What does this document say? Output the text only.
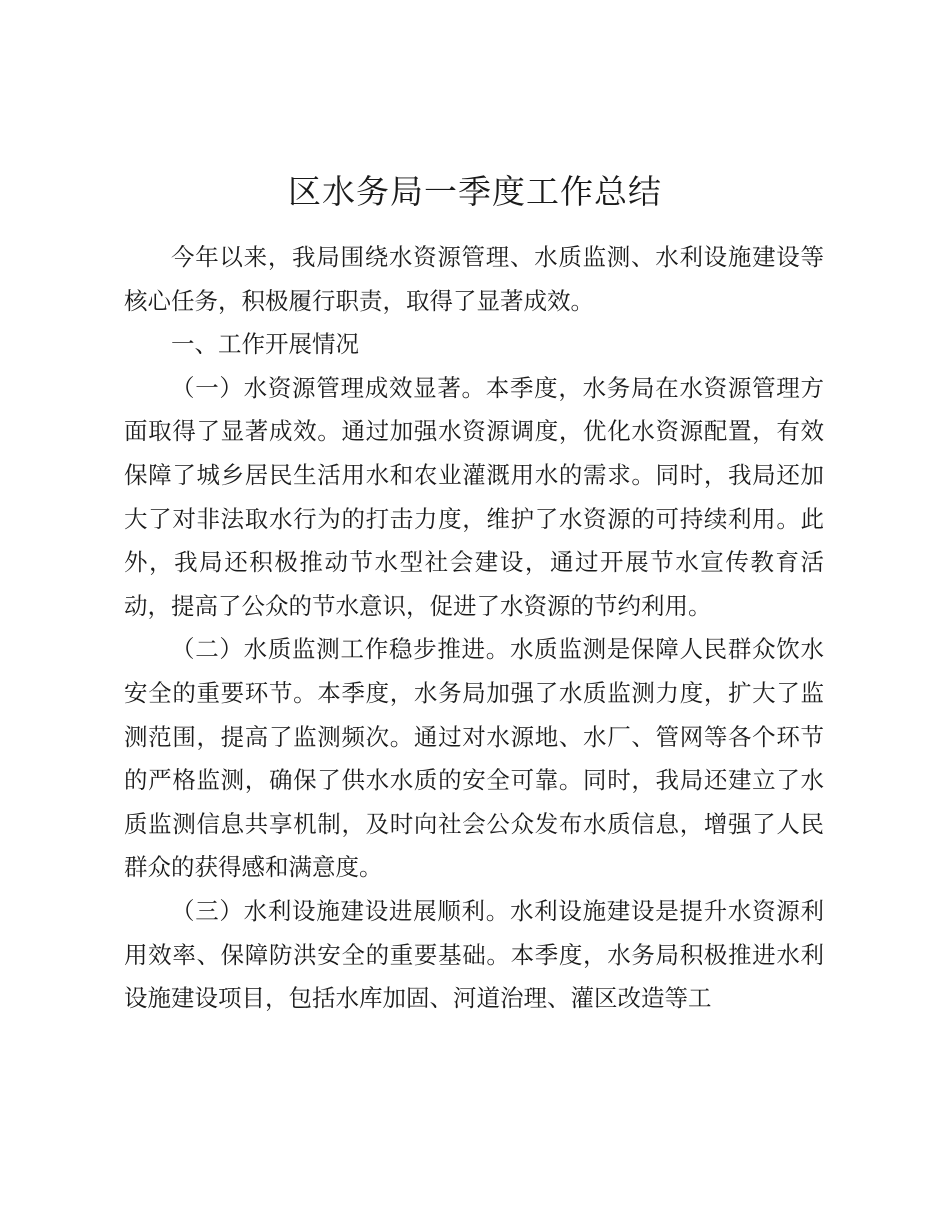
区水务局一季度工作总结

今年以来，我局围绕水资源管理、水质监测、水利设施建设等核心任务，积极履行职责，取得了显著成效。

一、工作开展情况

（一）水资源管理成效显著。本季度，水务局在水资源管理方面取得了显著成效。通过加强水资源调度，优化水资源配置，有效保障了城乡居民生活用水和农业灌溉用水的需求。同时，我局还加大了对非法取水行为的打击力度，维护了水资源的可持续利用。此外，我局还积极推动节水型社会建设，通过开展节水宣传教育活动，提高了公众的节水意识，促进了水资源的节约利用。

（二）水质监测工作稳步推进。水质监测是保障人民群众饮水安全的重要环节。本季度，水务局加强了水质监测力度，扩大了监测范围，提高了监测频次。通过对水源地、水厂、管网等各个环节的严格监测，确保了供水水质的安全可靠。同时，我局还建立了水质监测信息共享机制，及时向社会公众发布水质信息，增强了人民群众的获得感和满意度。

（三）水利设施建设进展顺利。水利设施建设是提升水资源利用效率、保障防洪安全的重要基础。本季度，水务局积极推进水利设施建设项目，包括水库加固、河道治理、灌区改造等工
